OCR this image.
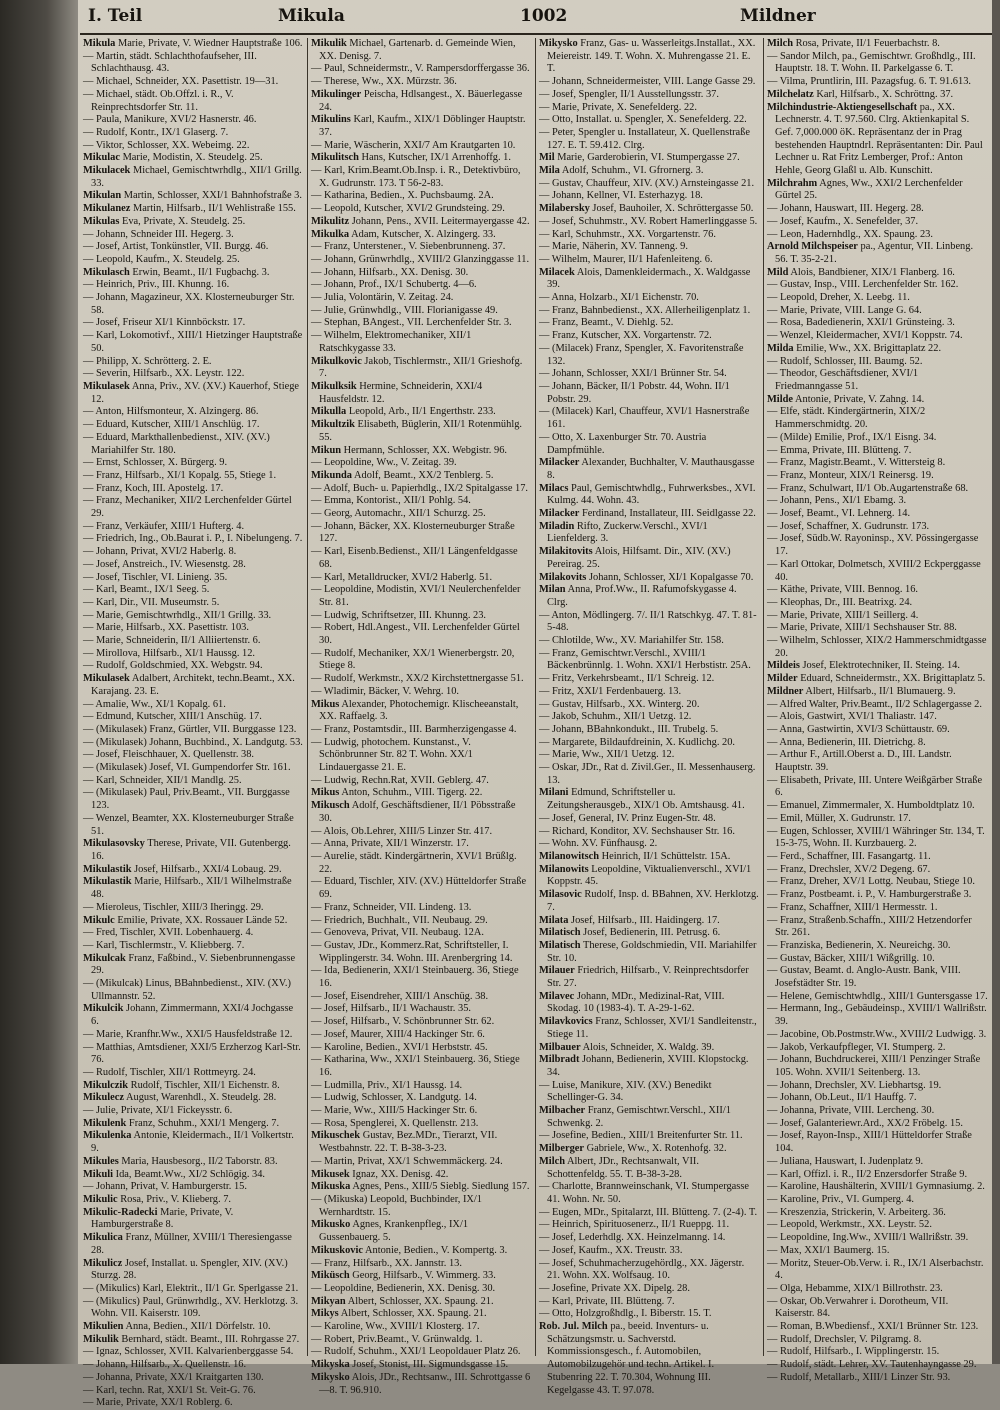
I. Teil	Mikula	1002	Mildner
Mikula Marie, Private, V. Wiedner Hauptstraße 106.
— Martin, städt. Schlachthofaufseher, III. Schlachthausg. 43.
— Michael, Schneider, XX. Pasettistr. 19—31.
— Michael, städt. Ob.Offzl. i. R., V. Reinprechtsdorfer Str. 11.
— Paula, Manikure, XVI/2 Hasnerstr. 46.
— Rudolf, Kontr., IX/1 Glaserg. 7.
— Viktor, Schlosser, XX. Webeimg. 22.
Mikulac Marie, Modistin, X. Steudelg. 25.
Mikulacek Michael, Gemischtwrhdlg., XII/1 Grillg. 33.
Mikulan Martin, Schlosser, XXI/1 Bahnhofstraße 3.
Mikulanez Martin, Hilfsarb., II/1 Wehlistraße 155.
Mikulas Eva, Private, X. Steudelg. 25.
— Johann, Schneider III. Hegerg. 3.
— Josef, Artist, Tonkünstler, VII. Burgg. 46.
— Leopold, Kaufm., X. Steudelg. 25.
Mikulasch Erwin, Beamt., II/1 Fugbachg. 3.
— Heinrich, Priv., III. Khunng. 16.
— Johann, Magazineur, XX. Klosterneuburger Str. 58.
— Josef, Friseur XI/1 Kinnböckstr. 17.
— Karl, Lokomotivf., XIII/1 Hietzinger Hauptstraße 50.
— Philipp, X. Schrötterg. 2. E.
— Severin, Hilfsarb., XX. Leystr. 122.
Mikulasek Anna, Priv., XV. (XV.) Kauerhof, Stiege 12.
— Anton, Hilfsmonteur, X. Alzingerg. 86.
— Eduard, Kutscher, XIII/1 Anschlüg. 17.
— Eduard, Markthallenbedienst., XIV. (XV.) Mariahilfer Str. 180.
— Ernst, Schlosser, X. Bürgerg. 9.
— Franz, Hilfsarb., XI/1 Kopalg. 55, Stiege 1.
— Franz, Koch, III. Apostelg. 17.
— Franz, Mechaniker, XII/2 Lerchenfelder Gürtel 29.
— Franz, Verkäufer, XIII/1 Hufterg. 4.
— Friedrich, Ing., Ob.Baurat i. P., I. Nibelungeng. 7.
— Johann, Privat, XVI/2 Haberlg. 8.
— Josef, Anstreich., IV. Wiesenstg. 28.
— Josef, Tischler, VI. Linieng. 35.
— Karl, Beamt., IX/1 Seeg. 5.
— Karl, Dir., VII. Museumstr. 5.
— Marie, Gemischtwrhdlg., XII/1 Grillg. 33.
— Marie, Hilfsarb., XX. Pasettistr. 103.
— Marie, Schneiderin, II/1 Alliiertenstr. 6.
— Mirollova, Hilfsarb., XI/1 Haussg. 12.
— Rudolf, Goldschmied, XX. Webgstr. 94.
Mikulasek Adalbert, Architekt, techn.Beamt., XX. Karajang. 23. E.
— Amalie, Ww., XI/1 Kopalg. 61.
— Edmund, Kutscher, XIII/1 Anschüg. 17.
— (Mikulasek) Franz, Gürtler, VII. Burggasse 123.
— (Mikulasek) Johann, Buchbind., X. Landgutg. 53.
— Josef, Fleischhauer, X. Quellenstr. 38.
— (Mikulasek) Josef, VI. Gumpendorfer Str. 161.
— Karl, Schneider, XII/1 Mandlg. 25.
— (Mikulasek) Paul, Priv.Beamt., VII. Burggasse 123.
— Wenzel, Beamter, XX. Klosterneuburger Straße 51.
Mikulasovsky Therese, Private, VII. Gutenbergg. 16.
Mikulastik Josef, Hilfsarb., XXI/4 Lobaug. 29.
Mikulastik Marie, Hilfsarb., XII/1 Wilhelmstraße 48.
— Mieroleus, Tischler, XIII/3 Iheringg. 29.
Mikulc Emilie, Private, XX. Rossauer Lände 52.
— Fred, Tischler, XVII. Lobenhauerg. 4.
— Karl, Tischlermstr., V. Kliebberg. 7.
Mikulcak Franz, Faßbind., V. Siebenbrunnengasse 29.
— (Mikulcak) Linus, BBahnbedienst., XIV. (XV.) Ullmannstr. 52.
Mikulcik Johann, Zimmermann, XXI/4 Jochgasse 6.
— Marie, Kranfhr.Ww., XXI/5 Hausfeldstraße 12.
— Matthias, Amtsdiener, XXI/5 Erzherzog Karl-Str. 76.
— Rudolf, Tischler, XII/1 Rottmeyrg. 24.
Mikulczik Rudolf, Tischler, XII/1 Eichenstr. 8.
Mikulecz August, Warenhdl., X. Steudelg. 28.
— Julie, Private, XI/1 Fickeysstr. 6.
Mikulenk Franz, Schuhm., XXI/1 Mengerg. 7.
Mikulenka Antonie, Kleidermach., II/1 Volkertstr. 9.
Mikules Maria, Hausbesorg., II/2 Taborstr. 83.
Mikuli Ida, Beamt.Ww., XI/2 Schlögig. 34.
— Johann, Privat, V. Hamburgerstr. 15.
Mikulic Rosa, Priv., V. Klieberg. 7.
Mikulic-Radecki Marie, Private, V. Hamburgerstraße 8.
Mikulica Franz, Müllner, XVIII/1 Theresiengasse 28.
Mikulicz Josef, Installat. u. Spengler, XIV. (XV.) Sturzg. 28.
— (Mikulics) Karl, Elektrit., II/1 Gr. Sperlgasse 21.
— (Mikulics) Paul, Grünwrhdlg., XV. Herklotzg. 3. Wohn. VII. Kaiserstr. 109.
Mikulien Anna, Bedien., XII/1 Dörfelstr. 10.
Mikulik Bernhard, städt. Beamt., III. Rohrgasse 27.
— Ignaz, Schlosser, XVII. Kalvarienberggasse 54.
— Johann, Hilfsarb., X. Quellenstr. 16.
— Johanna, Private, XX/1 Kraitgarten 130.
— Karl, techn. Rat, XXI/1 St. Veit-G. 76.
— Marie, Private, XX/1 Roblerg. 6.
Mikulik Michael, Gartenarb. d. Gemeinde Wien, XX. Denisg. 7.
— Paul, Schneidermstr., V. Rampersdorffergasse 36.
— Therese, Ww., XX. Mürzstr. 36.
Mikulinger Peischa, Hdlsangest., X. Bäuerlegasse 24.
Mikulins Karl, Kaufm., XIX/1 Döblinger Hauptstr. 37.
— Marie, Wäscherin, XXI/7 Am Krautgarten 10.
Mikulitsch Hans, Kutscher, IX/1 Arrenhoffg. 1.
— Karl, Krim.Beamt.Ob.Insp. i. R., Detektivbüro, X. Gudrunstr. 173. T 56-2-83.
— Katharina, Bedien., X. Puchsbaumg. 2A.
— Leopold, Kutscher, XVI/2 Grundsteing. 29.
Mikulitz Johann, Pens., XVII. Leitermayergasse 42.
Mikulka Adam, Kutscher, X. Alzingerg. 33.
— Franz, Unterstener., V. Siebenbrunneng. 37.
— Johann, Grünwrhdlg., XVIII/2 Glanzinggasse 11.
— Johann, Hilfsarb., XX. Denisg. 30.
— Johann, Prof., IX/1 Schubertg. 4—6.
— Julia, Volontärin, V. Zeitag. 24.
— Julie, Grünwhdlg., VIII. Florianigasse 49.
— Stephan, BAngest., VII. Lerchenfelder Str. 3.
— Wilhelm, Elektromechaniker, XII/1 Ratschkygasse 33.
Mikulkovic Jakob, Tischlermstr., XII/1 Grieshofg. 7.
Mikulksik Hermine, Schneiderin, XXI/4 Hausfeldstr. 12.
Mikulla Leopold, Arb., II/1 Engerthstr. 233.
Mikultzik Elisabeth, Büglerin, XII/1 Rotenmühlg. 55.
Mikun Hermann, Schlosser, XX. Webgistr. 96.
— Leopoldine, Ww., V. Zeitag. 39.
Mikunda Adolf, Beamt., XX/2 Tenblerg. 5.
— Adolf, Buch- u. Papierhdlg., IX/2 Spitalgasse 17.
— Emma, Kontorist., XII/1 Pohlg. 54.
— Georg, Automachr., XII/1 Schurzg. 25.
— Johann, Bäcker, XX. Klosterneuburger Straße 127.
— Karl, Eisenb.Bedienst., XII/1 Längenfeldgasse 68.
— Karl, Metalldrucker, XVI/2 Haberlg. 51.
— Leopoldine, Modistin, XVI/1 Neulerchenfelder Str. 81.
— Ludwig, Schriftsetzer, III. Khunng. 23.
— Robert, Hdl.Angest., VII. Lerchenfelder Gürtel 30.
— Rudolf, Mechaniker, XX/1 Wienerbergstr. 20, Stiege 8.
— Rudolf, Werkmstr., XX/2 Kirchstettnergasse 51.
— Wladimir, Bäcker, V. Wehrg. 10.
Mikus Alexander, Photochemigr. Klischeeanstalt, XX. Raffaelg. 3.
— Franz, Postamtsdir., III. Barmherzigengasse 4.
— Ludwig, photochem. Kunstanst., V. Schönbrunner Str. 82 T. Wohn. XX/1 Lindauergasse 21. E.
— Ludwig, Rechn.Rat, XVII. Geblerg. 47.
Mikus Anton, Schuhm., VIII. Tigerg. 22.
Mikusch Adolf, Geschäftsdiener, II/1 Pöbsstraße 30.
— Alois, Ob.Lehrer, XIII/5 Linzer Str. 417.
— Anna, Private, XII/1 Winzerstr. 17.
— Aurelie, städt. Kindergärtnerin, XVI/1 Brüßlg. 22.
— Eduard, Tischler, XIV. (XV.) Hütteldorfer Straße 69.
— Franz, Schneider, VII. Lindeng. 13.
— Friedrich, Buchhalt., VII. Neubaug. 29.
— Genoveva, Privat, VII. Neubaug. 12A.
— Gustav, JDr., Kommerz.Rat, Schriftsteller, I. Wipplingerstr. 34. Wohn. III. Arenbergring 14.
— Ida, Bedienerin, XXI/1 Steinbauerg. 36, Stiege 16.
— Josef, Eisendreher, XIII/1 Anschüg. 38.
— Josef, Hilfsarb., II/1 Wachaustr. 35.
— Josef, Hilfsarb., V. Schönbrunner Str. 62.
— Josef, Maurer, XIII/4 Hackinger Str. 6.
— Karoline, Bedien., XVI/1 Herbststr. 45.
— Katharina, Ww., XXI/1 Steinbauerg. 36, Stiege 16.
— Ludmilla, Priv., XI/1 Haussg. 14.
— Ludwig, Schlosser, X. Landgutg. 14.
— Marie, Ww., XIII/5 Hackinger Str. 6.
— Rosa, Spenglerei, X. Quellenstr. 213.
Mikuschek Gustav, Bez.MDr., Tierarzt, VII. Westbahnstr. 22. T. B-38-3-23.
— Martin, Privat, XX/1 Schwemmäckerg. 24.
Mikusek Ignaz, XX. Denisg. 42.
Mikuska Agnes, Pens., XIII/5 Sieblg. Siedlung 157.
— (Mikuska) Leopold, Buchbinder, IX/1 Wernhardtstr. 15.
Mikusko Agnes, Krankenpfleg., IX/1 Gussenbauerg. 5.
Mikuskovic Antonie, Bedien., V. Kompertg. 3.
— Franz, Hilfsarb., XX. Jannstr. 13.
Miküsch Georg, Hilfsarb., V. Wimmerg. 33.
— Leopoldine, Bedienerin, XX. Denisg. 30.
Mikyan Albert, Schlosser, XX. Spaung. 21.
Mikys Albert, Schlosser, XX. Spaung. 21.
— Karoline, Ww., XVIII/1 Klosterg. 17.
— Robert, Priv.Beamt., V. Grünwaldg. 1.
— Rudolf, Schuhm., XXI/1 Leopoldauer Platz 26.
Mikyska Josef, Stonist, III. Sigmundsgasse 15.
Mikysko Alois, JDr., Rechtsanw., III. Schrottgasse 6—8. T. 96.910.
Mikysko Franz, Gas- u. Wasserleitgs.Installat., XX. Meiereistr. 149. T. Wohn. X. Muhrengasse 21. E. T.
— Johann, Schneidermeister, VIII. Lange Gasse 29.
— Josef, Spengler, II/1 Ausstellungsstr. 37.
— Marie, Private, X. Senefelderg. 22.
— Otto, Installat. u. Spengler, X. Senefelderg. 22.
— Peter, Spengler u. Installateur, X. Quellenstraße 127. E. T. 59.412. Clrg.
Mil Marie, Garderobierin, VI. Stumpergasse 27.
Mila Adolf, Schuhm., VI. Gfrornerg. 3.
— Gustav, Chauffeur, XIV. (XV.) Arnsteingasse 21.
— Johann, Kellner, VI. Esterhazyg. 18.
Milabersky Josef, Bauhoiler, X. Schröttergasse 50.
— Josef, Schuhmstr., XV. Robert Hamerlinggasse 5.
— Karl, Schuhmstr., XX. Vorgartenstr. 76.
— Marie, Näherin, XV. Tanneng. 9.
— Wilhelm, Maurer, II/1 Hafenleiteng. 6.
Milacek Alois, Damenkleidermach., X. Waldgasse 39.
— Anna, Holzarb., XI/1 Eichenstr. 70.
— Franz, Bahnbedienst., XX. Allerheiligenplatz 1.
— Franz, Beamt., V. Diehlg. 52.
— Franz, Kutscher, XX. Vorgartenstr. 72.
— (Milacek) Franz, Spengler, X. Favoritenstraße 132.
— Johann, Schlosser, XXI/1 Brünner Str. 54.
— Johann, Bäcker, II/1 Pobstr. 44, Wohn. II/1 Pobstr. 29.
— (Milacek) Karl, Chauffeur, XVI/1 Hasnerstraße 161.
— Otto, X. Laxenburger Str. 70. Austria Dampfmühle.
Milacker Alexander, Buchhalter, V. Mauthausgasse 8.
Milacs Paul, Gemischtwhdlg., Fuhrwerksbes., XVI. Kulmg. 44. Wohn. 43.
Milacker Ferdinand, Installateur, III. Seidlgasse 22.
Miladin Rifto, Zuckerw.Verschl., XVI/1 Lienfelderg. 3.
Milakitovits Alois, Hilfsamt. Dir., XIV. (XV.) Pereirag. 25.
Milakovits Johann, Schlosser, XI/1 Kopalgasse 70.
Milan Anna, Prof.Ww., II. Rafumofskygasse 4. Clrg.
— Anton, Mödlingerg. 7/. II/1 Ratschkyg. 47. T. 81-5-48.
— Chlotilde, Ww., XV. Mariahilfer Str. 158.
— Franz, Gemischtwr.Verschl., XVIII/1 Bäckenbrünnlg. 1. Wohn. XXI/1 Herbstistr. 25A.
— Fritz, Verkehrsbeamt., II/1 Schreig. 12.
— Fritz, XXI/1 Ferdenbauerg. 13.
— Gustav, Hilfsarb., XX. Winterg. 20.
— Jakob, Schuhm., XII/1 Uetzg. 12.
— Johann, BBahnkondukt., III. Trubelg. 5.
— Margarete, Bildaufdreinin, X. Kudlichg. 20.
— Marie, Ww., XII/1 Uetzg. 12.
— Oskar, JDr., Rat d. Zivil.Ger., II. Messenhauserg. 13.
Milani Edmund, Schriftsteller u. Zeitungsherausgeb., XIX/1 Ob. Amtshausg. 41.
— Josef, General, IV. Prinz Eugen-Str. 48.
— Richard, Konditor, XV. Sechshauser Str. 16.
— Wohn. XV. Fünfhausg. 2.
Milanowitsch Heinrich, II/1 Schüttelstr. 15A.
Milanowits Leopoldine, Viktualienverschl., XVI/1 Koppstr. 45.
Milasovic Rudolf, Insp. d. BBahnen, XV. Herklotzg. 7.
Milata Josef, Hilfsarb., III. Haidingerg. 17.
Milatisch Josef, Bedienerin, III. Petrusg. 6.
Milatisch Therese, Goldschmiedin, VII. Mariahilfer Str. 10.
Milauer Friedrich, Hilfsarb., V. Reinprechtsdorfer Str. 27.
Milavec Johann, MDr., Medizinal-Rat, VIII. Skodag. 10 (1983-4). T. A-29-1-62.
Milavkovics Franz, Schlosser, XVI/1 Sandleitenstr., Stiege 11.
Milbauer Alois, Schneider, X. Waldg. 39.
Milbradt Johann, Bedienerin, XVIII. Klopstockg. 34.
— Luise, Manikure, XIV. (XV.) Benedikt Schellinger-G. 34.
Milbacher Franz, Gemischtwr.Verschl., XII/1 Schwenkg. 2.
— Josefine, Bedien., XIII/1 Breitenfurter Str. 11.
Milberger Gabriele, Ww., X. Rotenhofg. 32.
Milch Albert, JDr., Rechtsanwalt, VII. Schottenfeldg. 55. T. B-38-3-28.
— Charlotte, Brannweinschank, VI. Stumpergasse 41. Wohn. Nr. 50.
— Eugen, MDr., Spitalarzt, III. Blütteng. 7. (2-4). T.
— Heinrich, Spirituosenerz., II/1 Rueppg. 11.
— Josef, Lederhdlg. XX. Heinzelmanng. 14.
— Josef, Kaufm., XX. Treustr. 33.
— Josef, Schuhmacherzugehördlg., XX. Jägerstr. 21. Wohn. XX. Wolfsaug. 10.
— Josefine, Private XX. Dipelg. 28.
— Karl, Private, III. Blütteng. 7.
— Otto, Holzgroßhdlg., I. Biberstr. 15. T.
Rob. Jul. Milch pa., beeid. Inventurs- u. Schätzungsmstr. u. Sachverstd. Kommissionsgesch., f. Automobilen, Automobilzugehör und techn. Artikel. I. Stubenring 22. T. 70.304, Wohnung III. Kegelgasse 43. T. 97.078.
Milch Rosa, Private, II/1 Feuerbachstr. 8.
— Sandor Milch, pa., Gemischtwr. Großhdlg., III. Hauptstr. 18. T. Wohn. II. Parkelgasse 6. T.
— Vilma, Pruntlirin, III. Pazagsfug. 6. T. 91.613.
Milchelatz Karl, Hilfsarb., X. Schröttng. 37.
Milchindustrie-Aktiengesellschaft pa., XX. Lechnerstr. 4. T. 97.560. Clrg. Aktienkapital S. Gef. 7,000.000 öK. Repräsentanz der in Prag bestehenden Hauptndrl. Repräsentanten: Dir. Paul Lechner u. Rat Fritz Lemberger, Prof.: Anton Hehle, Georg Glaßl u. Alb. Kunschitt.
Milchrahm Agnes, Ww., XXI/2 Lerchenfelder Gürtel 25.
— Johann, Hauswart, III. Hegerg. 28.
— Josef, Kaufm., X. Senefelder, 37.
— Leon, Hadernhdlg., XX. Spaung. 23.
Arnold Milchspeiser pa., Agentur, VII. Linbeng. 56. T. 35-2-21.
Mild Alois, Bandbiener, XIX/1 Flanberg. 16.
— Gustav, Insp., VIII. Lerchenfelder Str. 162.
— Leopold, Dreher, X. Leebg. 11.
— Marie, Private, VIII. Lange G. 64.
— Rosa, Badedienerin, XXI/1 Grünsteing. 3.
— Wenzel, Kleidermacher, XVI/1 Koppstr. 74.
Milda Emilie, Ww., XX. Brigittaplatz 22.
— Rudolf, Schlosser, III. Baumg. 52.
— Theodor, Geschäftsdiener, XVI/1 Friedmanngasse 51.
Milde Antonie, Private, V. Zahng. 14.
— Elfe, städt. Kindergärtnerin, XIX/2 Hammerschmidtg. 20.
— (Milde) Emilie, Prof., IX/1 Eisng. 34.
— Emma, Private, III. Blütteng. 7.
— Franz, Magistr.Beamt., V. Wittersteig 8.
— Franz, Monteur, XIX/1 Reinersg. 19.
— Franz, Schulwart, II/1 Ob.Augartenstraße 68.
— Johann, Pens., XI/1 Ebamg. 3.
— Josef, Beamt., VI. Lehnerg. 14.
— Josef, Schaffner, X. Gudrunstr. 173.
— Josef, Südb.W. Rayoninsp., XV. Pössingergasse 17.
— Karl Ottokar, Dolmetsch, XVIII/2 Eckperggasse 40.
— Käthe, Private, VIII. Bennog. 16.
— Kleophas, Dr., III. Beatrixg. 24.
— Marie, Private, XIII/1 Seillerg. 4.
— Marie, Private, XIII/1 Sechshauser Str. 88.
— Wilhelm, Schlosser, XIX/2 Hammerschmidtgasse 20.
Mildeis Josef, Elektrotechniker, II. Steing. 14.
Milder Eduard, Schneidermstr., XX. Brigittaplatz 5.
Mildner Albert, Hilfsarb., II/1 Blumauerg. 9.
— Alfred Walter, Priv.Beamt., II/2 Schlagergasse 2.
— Alois, Gastwirt, XVI/1 Thaliastr. 147.
— Anna, Gastwirtin, XVI/3 Schüttaustr. 69.
— Anna, Bedienerin, III. Dietrichg. 8.
— Arthur F., Artill.Oberst a. D., III. Landstr. Hauptstr. 39.
— Elisabeth, Private, III. Untere Weißgärber Straße 6.
— Emanuel, Zimmermaler, X. Humboldtplatz 10.
— Emil, Müller, X. Gudrunstr. 17.
— Eugen, Schlosser, XVIII/1 Währinger Str. 134, T. 15-3-75, Wohn. II. Kurzbauerg. 2.
— Ferd., Schaffner, III. Fasangartg. 11.
— Franz, Drechsler, XV/2 Degeng. 67.
— Franz, Dreher, XV/1 Lottg. Neubau, Stiege 10.
— Franz, Postbeamt. i. P., V. Hamburgerstraße 3.
— Franz, Schaffner, XIII/1 Hermesstr. 1.
— Franz, Straßenb.Schaffn., XIII/2 Hetzendorfer Str. 261.
— Franziska, Bedienerin, X. Neureichg. 30.
— Gustav, Bäcker, XIII/1 Wißgrillg. 10.
— Gustav, Beamt. d. Anglo-Austr. Bank, VIII. Josefstädter Str. 19.
— Helene, Gemischtwhdlg., XIII/1 Guntersgasse 17.
— Hermann, Ing., Gebäudeinsp., XVIII/1 Wallrißstr. 39.
— Jacobine, Ob.Postmstr.Ww., XVIII/2 Ludwigg. 3.
— Jakob, Verkaufpfleger, VI. Stumperg. 2.
— Johann, Buchdruckerei, XIII/1 Penzinger Straße 105. Wohn. XVII/1 Seitenberg. 13.
— Johann, Drechsler, XV. Liebhartsg. 19.
— Johann, Ob.Leut., II/1 Hauffg. 7.
— Johanna, Private, VIII. Lercheng. 30.
— Josef, Galanteriewr.Ard., XX/2 Fröbelg. 15.
— Josef, Rayon-Insp., XIII/1 Hütteldorfer Straße 104.
— Juliana, Hauswart, I. Judenplatz 9.
— Karl, Offizl. i. R., II/2 Enzersdorfer Straße 9.
— Karoline, Haushälterin, XVIII/1 Gymnasiumg. 2.
— Karoline, Priv., VI. Gumperg. 4.
— Kreszenzia, Strickerin, V. Arbeiterg. 36.
— Leopold, Werkmstr., XX. Leystr. 52.
— Leopoldine, Ing.Ww., XVIII/1 Wallrißstr. 39.
— Max, XXI/1 Baumerg. 15.
— Moritz, Steuer-Ob.Verw. i. R., IX/1 Alserbachstr. 4.
— Olga, Hebamme, XIX/1 Billrothstr. 23.
— Oskar, Ob.Verwahrer i. Dorotheum, VII. Kaiserstr. 84.
— Roman, B.Wbediensf., XXI/1 Brünner Str. 123.
— Rudolf, Drechsler, V. Pilgramg. 8.
— Rudolf, Hilfsarb., I. Wipplingerstr. 15.
— Rudolf, städt. Lehrer, XV. Tautenhayngasse 29.
— Rudolf, Metallarb., XIII/1 Linzer Str. 93.
